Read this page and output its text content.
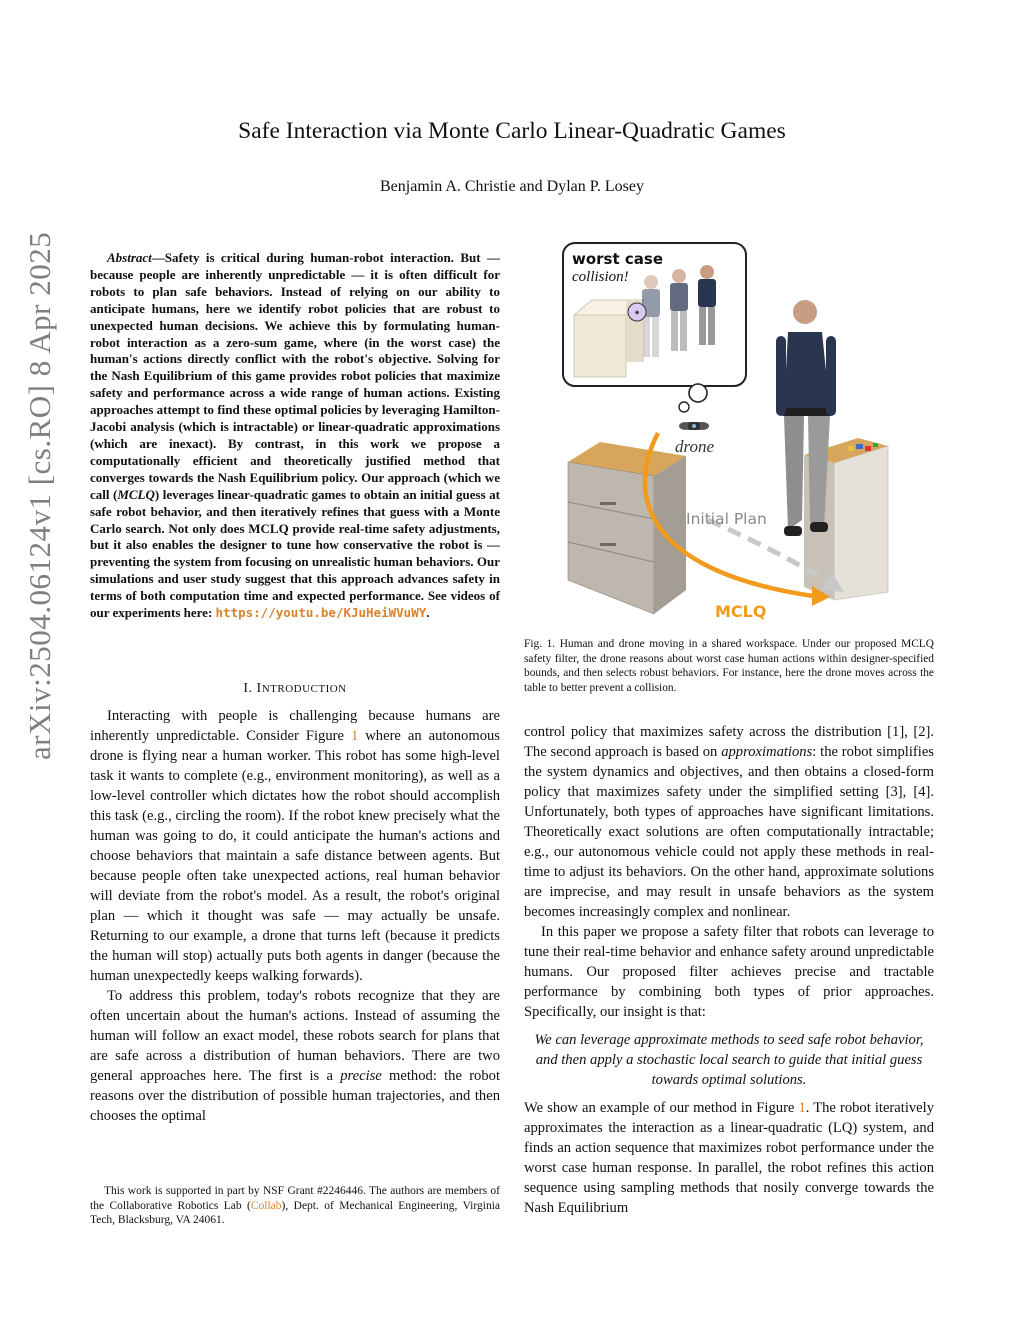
arXiv:2504.06124v1 [cs.RO] 8 Apr 2025
Safe Interaction via Monte Carlo Linear-Quadratic Games
Benjamin A. Christie and Dylan P. Losey
Abstract—Safety is critical during human-robot interaction. But — because people are inherently unpredictable — it is often difficult for robots to plan safe behaviors. Instead of relying on our ability to anticipate humans, here we identify robot policies that are robust to unexpected human decisions. We achieve this by formulating human-robot interaction as a zero-sum game, where (in the worst case) the human's actions directly conflict with the robot's objective. Solving for the Nash Equilibrium of this game provides robot policies that maximize safety and performance across a wide range of human actions. Existing approaches attempt to find these optimal policies by leveraging Hamilton-Jacobi analysis (which is intractable) or linear-quadratic approximations (which are inexact). By contrast, in this work we propose a computationally efficient and theoretically justified method that converges towards the Nash Equilibrium policy. Our approach (which we call (MCLQ) leverages linear-quadratic games to obtain an initial guess at safe robot behavior, and then iteratively refines that guess with a Monte Carlo search. Not only does MCLQ provide real-time safety adjustments, but it also enables the designer to tune how conservative the robot is — preventing the system from focusing on unrealistic human behaviors. Our simulations and user study suggest that this approach advances safety in terms of both computation time and expected performance. See videos of our experiments here: https://youtu.be/KJuHeiWVuWY.
I. INTRODUCTION

Interacting with people is challenging because humans are inherently unpredictable. Consider Figure 1 where an autonomous drone is flying near a human worker. This robot has some high-level task it wants to complete (e.g., environment monitoring), as well as a low-level controller which dictates how the robot should accomplish this task (e.g., circling the room). If the robot knew precisely what the human was going to do, it could anticipate the human's actions and choose behaviors that maintain a safe distance between agents. But because people often take unexpected actions, real human behavior will deviate from the robot's model. As a result, the robot's original plan — which it thought was safe — may actually be unsafe. Returning to our example, a drone that turns left (because it predicts the human will stop) actually puts both agents in danger (because the human unexpectedly keeps walking forwards).

To address this problem, today's robots recognize that they are often uncertain about the human's actions. Instead of assuming the human will follow an exact model, these robots search for plans that are safe across a distribution of human behaviors. There are two general approaches here. The first is a precise method: the robot reasons over the distribution of possible human trajectories, and then chooses the optimal

This work is supported in part by NSF Grant #2246446. The authors are members of the Collaborative Robotics Lab (Collab), Dept. of Mechanical Engineering, Virginia Tech, Blacksburg, VA 24061.
✷
worst case
collision!
drone
Initial Plan
MCLQ
Fig. 1. Human and drone moving in a shared workspace. Under our proposed MCLQ safety filter, the drone reasons about worst case human actions within designer-specified bounds, and then selects robust behaviors. For instance, here the drone moves across the table to better prevent a collision.

control policy that maximizes safety across the distribution [1], [2]. The second approach is based on approximations: the robot simplifies the system dynamics and objectives, and then obtains a closed-form policy that maximizes safety under the simplified setting [3], [4]. Unfortunately, both types of approaches have significant limitations. Theoretically exact solutions are often computationally intractable; e.g., our autonomous vehicle could not apply these methods in real-time to adjust its behaviors. On the other hand, approximate solutions are imprecise, and may result in unsafe behaviors as the system becomes increasingly complex and nonlinear.

In this paper we propose a safety filter that robots can leverage to tune their real-time behavior and enhance safety around unpredictable humans. Our proposed filter achieves precise and tractable performance by combining both types of prior approaches. Specifically, our insight is that:

We can leverage approximate methods to seed safe robot behavior, and then apply a stochastic local search to guide that initial guess towards optimal solutions.

We show an example of our method in Figure 1. The robot iteratively approximates the interaction as a linear-quadratic (LQ) system, and finds an action sequence that maximizes robot performance under the worst case human response. In parallel, the robot refines this action sequence using sampling methods that nosily converge towards the Nash Equilibrium
